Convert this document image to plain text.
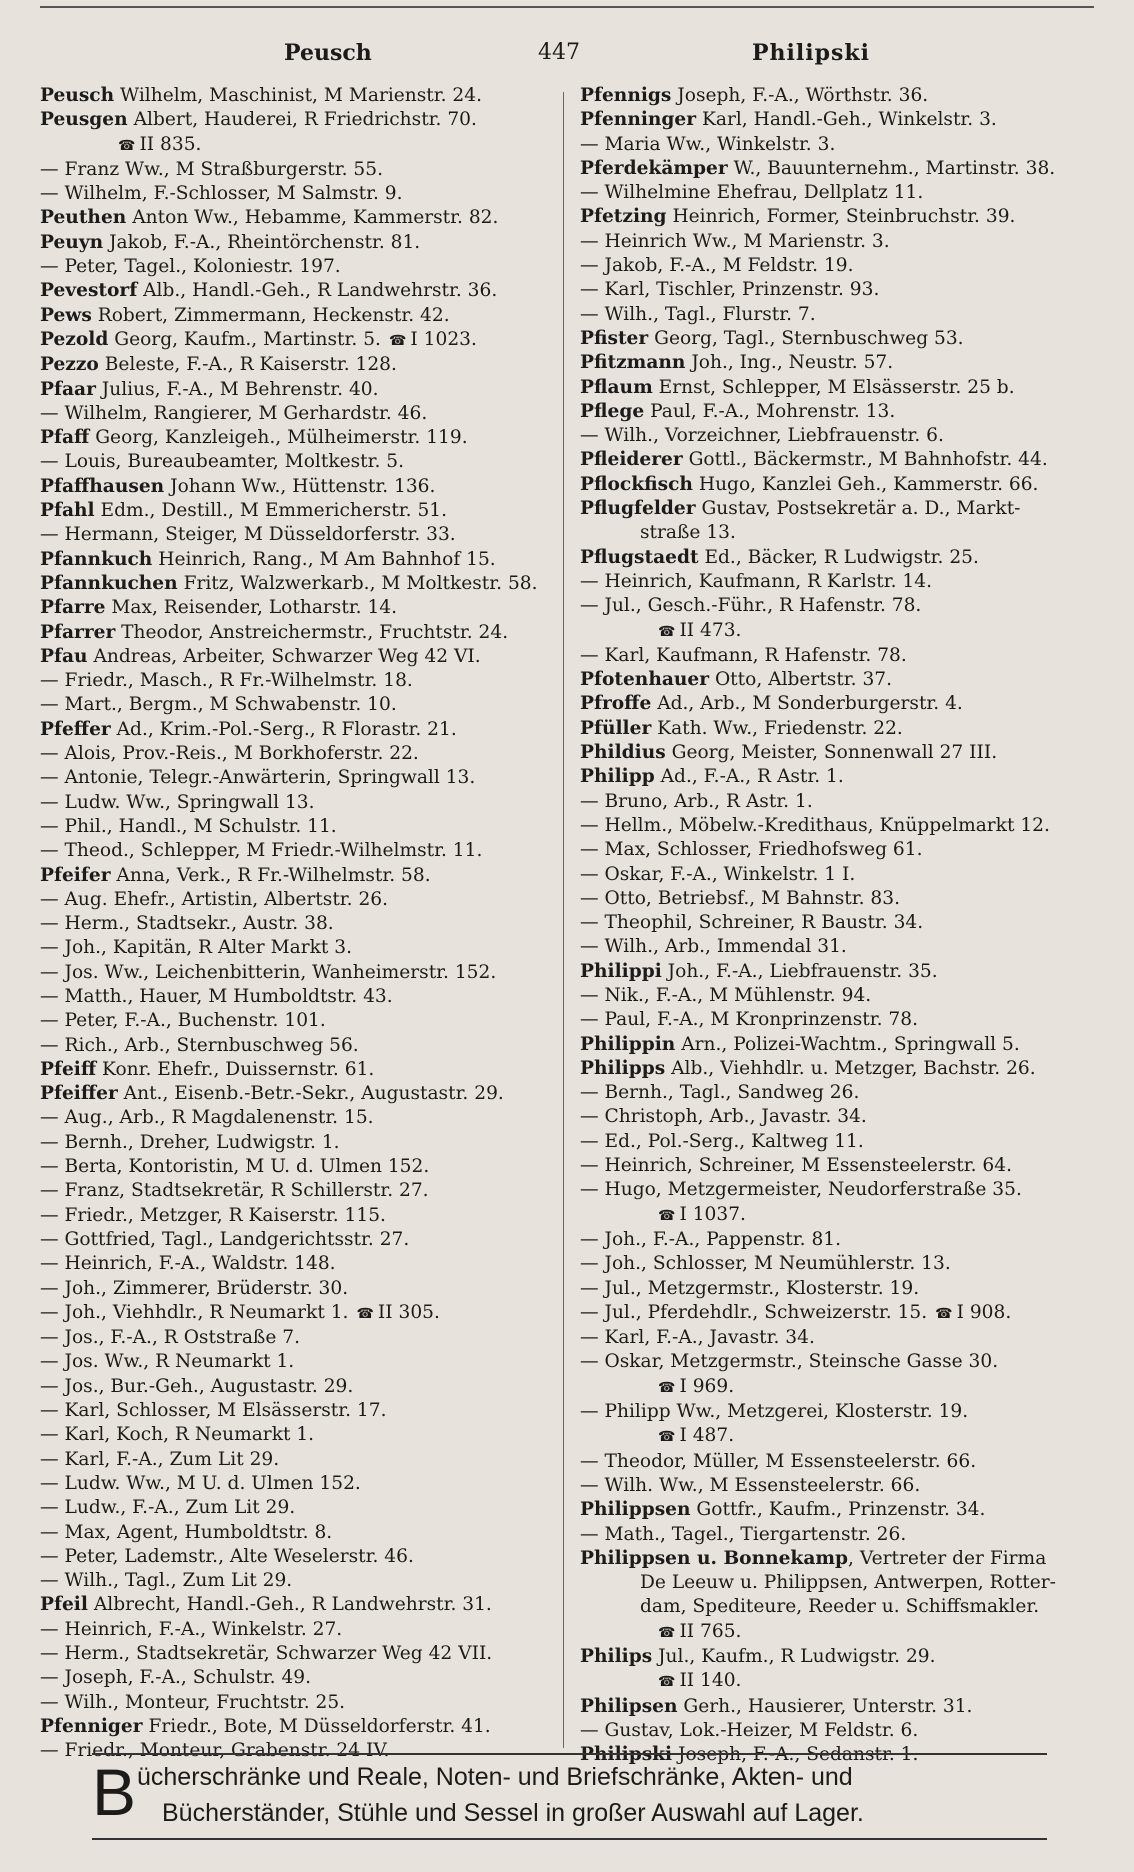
Peusch	447	Philipski
Peusch Wilhelm, Maschinist, M Marienstr. 24.
Peusgen Albert, Hauderei, R Friedrichstr. 70.
☎ II 835.
— Franz Ww., M Straßburgerstr. 55.
— Wilhelm, F.-Schlosser, M Salmstr. 9.
Peuthen Anton Ww., Hebamme, Kammerstr. 82.
Peuyn Jakob, F.-A., Rheintörchenstr. 81.
— Peter, Tagel., Koloniestr. 197.
Pevestorf Alb., Handl.-Geh., R Landwehrstr. 36.
Pews Robert, Zimmermann, Heckenstr. 42.
Pezold Georg, Kaufm., Martinstr. 5. ☎ I 1023.
Pezzo Beleste, F.-A., R Kaiserstr. 128.
Pfaar Julius, F.-A., M Behrenstr. 40.
— Wilhelm, Rangierer, M Gerhardstr. 46.
Pfaff Georg, Kanzleigeh., Mülheimerstr. 119.
— Louis, Bureaubeamter, Moltkestr. 5.
Pfaffhausen Johann Ww., Hüttenstr. 136.
Pfahl Edm., Destill., M Emmericherstr. 51.
— Hermann, Steiger, M Düsseldorferstr. 33.
Pfannkuch Heinrich, Rang., M Am Bahnhof 15.
Pfannkuchen Fritz, Walzwerkarb., M Moltkestr. 58.
Pfarre Max, Reisender, Lotharstr. 14.
Pfarrer Theodor, Anstreichermstr., Fruchtstr. 24.
Pfau Andreas, Arbeiter, Schwarzer Weg 42 VI.
— Friedr., Masch., R Fr.-Wilhelmstr. 18.
— Mart., Bergm., M Schwabenstr. 10.
Pfeffer Ad., Krim.-Pol.-Serg., R Florastr. 21.
— Alois, Prov.-Reis., M Borkhoferstr. 22.
— Antonie, Telegr.-Anwärterin, Springwall 13.
— Ludw. Ww., Springwall 13.
— Phil., Handl., M Schulstr. 11.
— Theod., Schlepper, M Friedr.-Wilhelmstr. 11.
Pfeifer Anna, Verk., R Fr.-Wilhelmstr. 58.
— Aug. Ehefr., Artistin, Albertstr. 26.
— Herm., Stadtsekr., Austr. 38.
— Joh., Kapitän, R Alter Markt 3.
— Jos. Ww., Leichenbitterin, Wanheimerstr. 152.
— Matth., Hauer, M Humboldtstr. 43.
— Peter, F.-A., Buchenstr. 101.
— Rich., Arb., Sternbuschweg 56.
Pfeiff Konr. Ehefr., Duissernstr. 61.
Pfeiffer Ant., Eisenb.-Betr.-Sekr., Augustastr. 29.
— Aug., Arb., R Magdalenenstr. 15.
— Bernh., Dreher, Ludwigstr. 1.
— Berta, Kontoristin, M U. d. Ulmen 152.
— Franz, Stadtsekretär, R Schillerstr. 27.
— Friedr., Metzger, R Kaiserstr. 115.
— Gottfried, Tagl., Landgerichtsstr. 27.
— Heinrich, F.-A., Waldstr. 148.
— Joh., Zimmerer, Brüderstr. 30.
— Joh., Viehhdlr., R Neumarkt 1. ☎ II 305.
— Jos., F.-A., R Oststraße 7.
— Jos. Ww., R Neumarkt 1.
— Jos., Bur.-Geh., Augustastr. 29.
— Karl, Schlosser, M Elsässerstr. 17.
— Karl, Koch, R Neumarkt 1.
— Karl, F.-A., Zum Lit 29.
— Ludw. Ww., M U. d. Ulmen 152.
— Ludw., F.-A., Zum Lit 29.
— Max, Agent, Humboldtstr. 8.
— Peter, Lademstr., Alte Weselerstr. 46.
— Wilh., Tagl., Zum Lit 29.
Pfeil Albrecht, Handl.-Geh., R Landwehrstr. 31.
— Heinrich, F.-A., Winkelstr. 27.
— Herm., Stadtsekretär, Schwarzer Weg 42 VII.
— Joseph, F.-A., Schulstr. 49.
— Wilh., Monteur, Fruchtstr. 25.
Pfenniger Friedr., Bote, M Düsseldorferstr. 41.
— Friedr., Monteur, Grabenstr. 24 IV.
Pfennigs Joseph, F.-A., Wörthstr. 36.
Pfenninger Karl, Handl.-Geh., Winkelstr. 3.
— Maria Ww., Winkelstr. 3.
Pferdekämper W., Bauunternehm., Martinstr. 38.
— Wilhelmine Ehefrau, Dellplatz 11.
Pfetzing Heinrich, Former, Steinbruchstr. 39.
— Heinrich Ww., M Marienstr. 3.
— Jakob, F.-A., M Feldstr. 19.
— Karl, Tischler, Prinzenstr. 93.
— Wilh., Tagl., Flurstr. 7.
Pfister Georg, Tagl., Sternbuschweg 53.
Pfitzmann Joh., Ing., Neustr. 57.
Pflaum Ernst, Schlepper, M Elsässerstr. 25 b.
Pflege Paul, F.-A., Mohrenstr. 13.
— Wilh., Vorzeichner, Liebfrauenstr. 6.
Pfleiderer Gottl., Bäckermstr., M Bahnhofstr. 44.
Pflockfisch Hugo, Kanzlei Geh., Kammerstr. 66.
Pflugfelder Gustav, Postsekretär a. D., Markt-
straße 13.
Pflugstaedt Ed., Bäcker, R Ludwigstr. 25.
— Heinrich, Kaufmann, R Karlstr. 14.
— Jul., Gesch.-Führ., R Hafenstr. 78.
☎ II 473.
— Karl, Kaufmann, R Hafenstr. 78.
Pfotenhauer Otto, Albertstr. 37.
Pfroffe Ad., Arb., M Sonderburgerstr. 4.
Pfüller Kath. Ww., Friedenstr. 22.
Phildius Georg, Meister, Sonnenwall 27 III.
Philipp Ad., F.-A., R Astr. 1.
— Bruno, Arb., R Astr. 1.
— Hellm., Möbelw.-Kredithaus, Knüppelmarkt 12.
— Max, Schlosser, Friedhofsweg 61.
— Oskar, F.-A., Winkelstr. 1 I.
— Otto, Betriebsf., M Bahnstr. 83.
— Theophil, Schreiner, R Baustr. 34.
— Wilh., Arb., Immendal 31.
Philippi Joh., F.-A., Liebfrauenstr. 35.
— Nik., F.-A., M Mühlenstr. 94.
— Paul, F.-A., M Kronprinzenstr. 78.
Philippin Arn., Polizei-Wachtm., Springwall 5.
Philipps Alb., Viehhdlr. u. Metzger, Bachstr. 26.
— Bernh., Tagl., Sandweg 26.
— Christoph, Arb., Javastr. 34.
— Ed., Pol.-Serg., Kaltweg 11.
— Heinrich, Schreiner, M Essensteelerstr. 64.
— Hugo, Metzgermeister, Neudorferstraße 35.
☎ I 1037.
— Joh., F.-A., Pappenstr. 81.
— Joh., Schlosser, M Neumühlerstr. 13.
— Jul., Metzgermstr., Klosterstr. 19.
— Jul., Pferdehdlr., Schweizerstr. 15. ☎ I 908.
— Karl, F.-A., Javastr. 34.
— Oskar, Metzgermstr., Steinsche Gasse 30.
☎ I 969.
— Philipp Ww., Metzgerei, Klosterstr. 19.
☎ I 487.
— Theodor, Müller, M Essensteelerstr. 66.
— Wilh. Ww., M Essensteelerstr. 66.
Philippsen Gottfr., Kaufm., Prinzenstr. 34.
— Math., Tagel., Tiergartenstr. 26.
Philippsen u. Bonnekamp, Vertreter der Firma
De Leeuw u. Philippsen, Antwerpen, Rotter-
dam, Spediteure, Reeder u. Schiffsmakler.
☎ II 765.
Philips Jul., Kaufm., R Ludwigstr. 29.
☎ II 140.
Philipsen Gerh., Hausierer, Unterstr. 31.
— Gustav, Lok.-Heizer, M Feldstr. 6.
Philipski Joseph, F.-A., Sedanstr. 1.
B ücherschränke und Reale, Noten- und Briefschränke, Akten- und
Bücherständer, Stühle und Sessel in großer Auswahl auf Lager.
